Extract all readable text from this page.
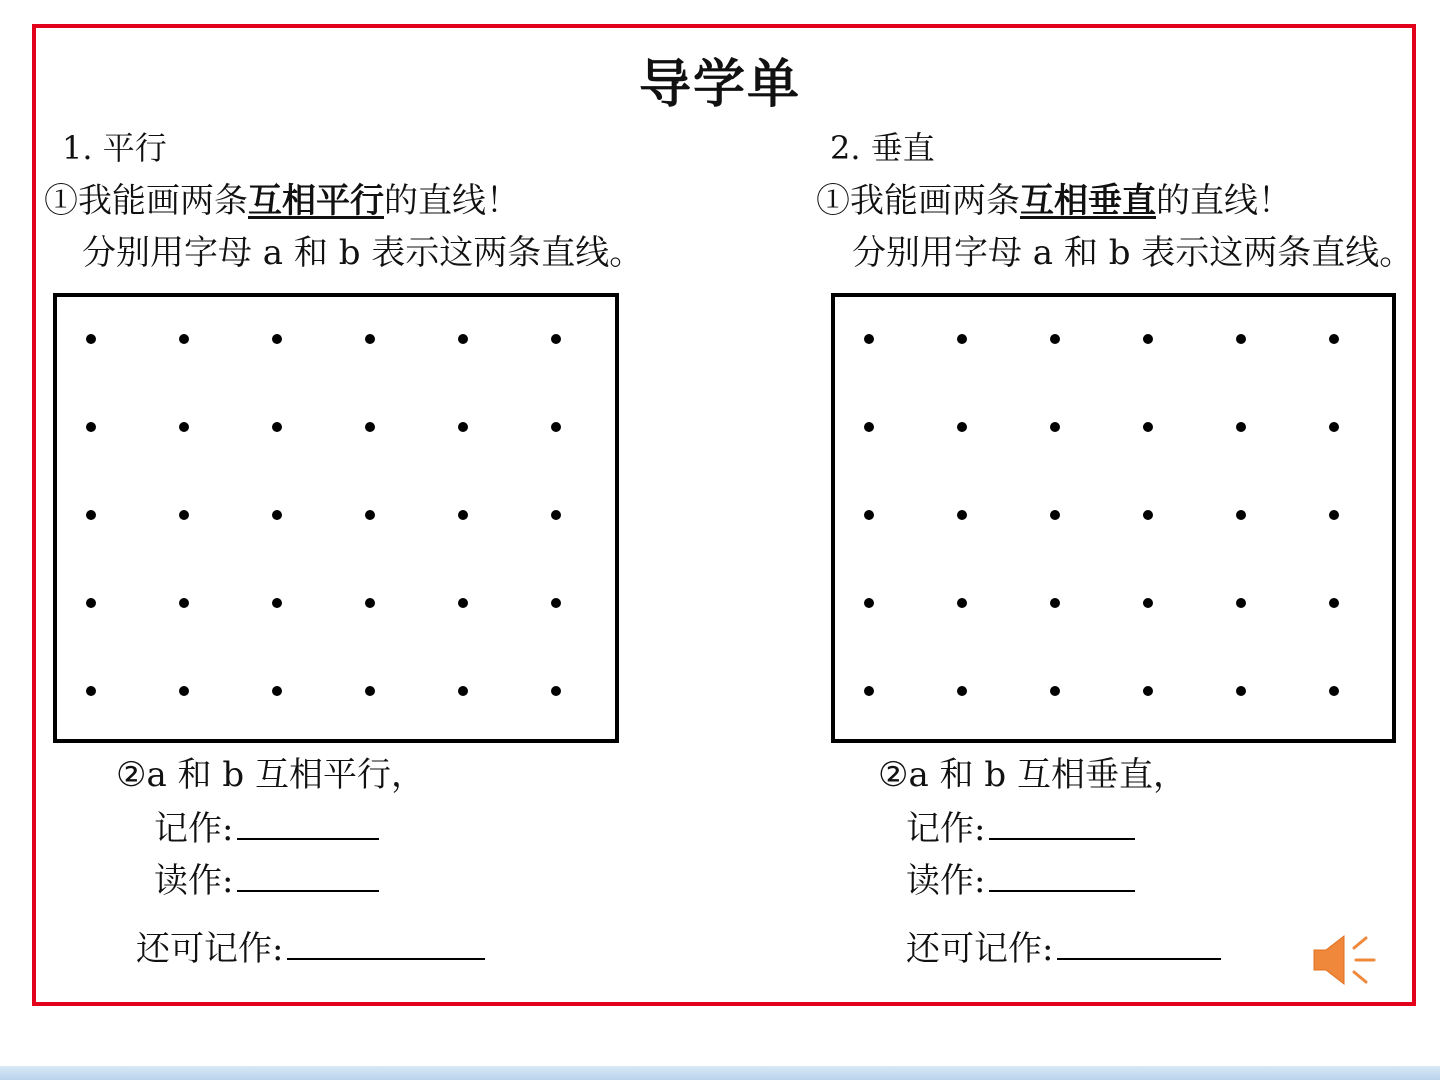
导学单
1. 平行
①我能画两条互相平行的直线！
分别用字母 a 和 b 表示这两条直线。
②a 和 b 互相平行，
记作:
读作:
还可记作:
2. 垂直
①我能画两条互相垂直的直线！
分别用字母 a 和 b 表示这两条直线。
②a 和 b 互相垂直，
记作:
读作:
还可记作:
